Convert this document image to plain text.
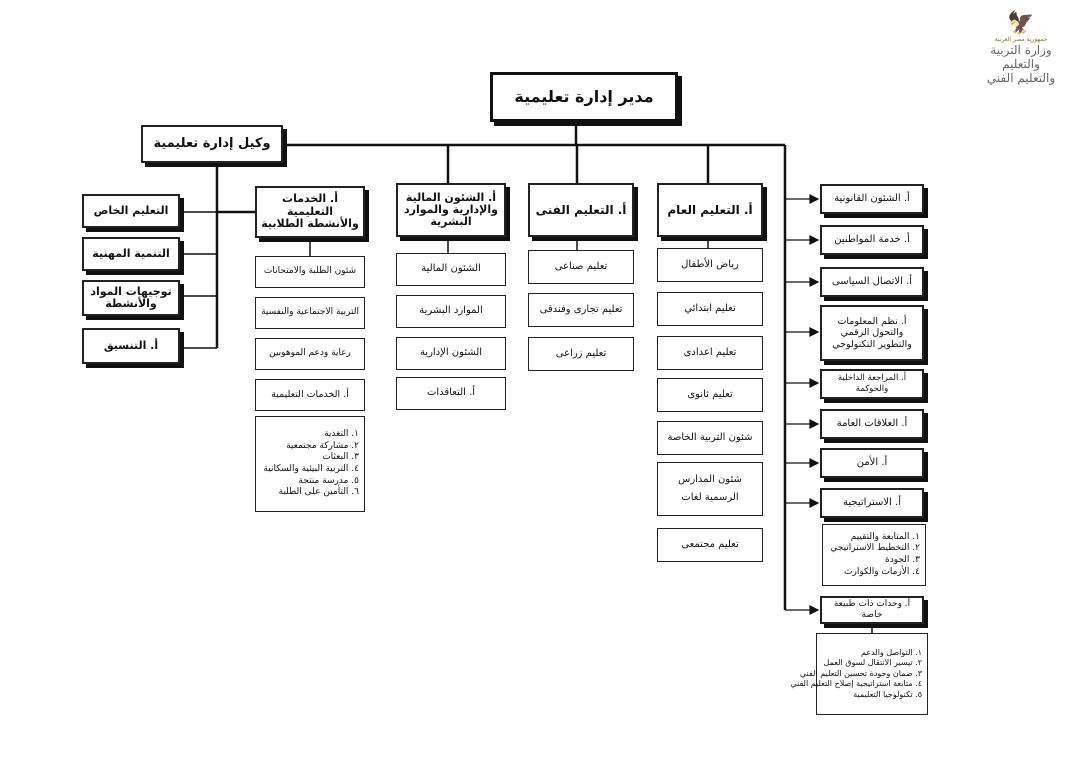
🦅
جمهورية مصر العربية
وزارة التربية والتعليم
والتعليم الفني
مدير إدارة تعليمية
وكيل إدارة تعليمية
التعليم الخاص
التنمية المهنية
توجيهات المواد والأنشطة
أ. التنسيق
أ. الخدمات التعليمية والأنشطة الطلابية
شئون الطلبة والامتحانات
التربية الاجتماعية والنفسية
رعاية ودعم الموهوبين
أ. الخدمات التعليمية
١. التغذية
٢. مشاركة مجتمعية
٣. البعثات
٤. التربية البيئية والسكانية
٥. مدرسة منتجة
٦. التأمين على الطلبة
أ. الشئون المالية والإدارية والموارد البشرية
الشئون المالية
الموارد البشرية
الشئون الإدارية
أ. التعاقدات
أ. التعليم الفنى
تعليم صناعى
تعليم تجارى وفندقى
تعليم زراعى
أ. التعليم العام
رياض الأطفال
تعليم ابتدائي
تعليم اعدادى
تعليم ثانوى
شئون التربية الخاصة
شئون المدارس الرسمية لغات
تعليم مجتمعى
أ. الشئون القانونية
أ. خدمة المواطنين
أ. الاتصال السياسى
أ. نظم المعلومات والتحول الرقمي والتطوير التكنولوجي
أ. المراجعة الداخلية والحوكمة
أ. العلاقات العامة
أ. الأمن
أ. الاستراتيجية
١. المتابعة والتقييم
٢. التخطيط الاستراتيجي
٣. الجودة
٤. الأزمات والكوارث
أ. وحدات ذات طبيعة خاصة
١. التواصل والدعم
٢. تيسير الانتقال لسوق العمل
٣. ضمان وجودة تحسين التعليم الفني
٤. متابعة استراتيجية إصلاح التعليم الفني
٥. تكنولوجيا التعليمية
